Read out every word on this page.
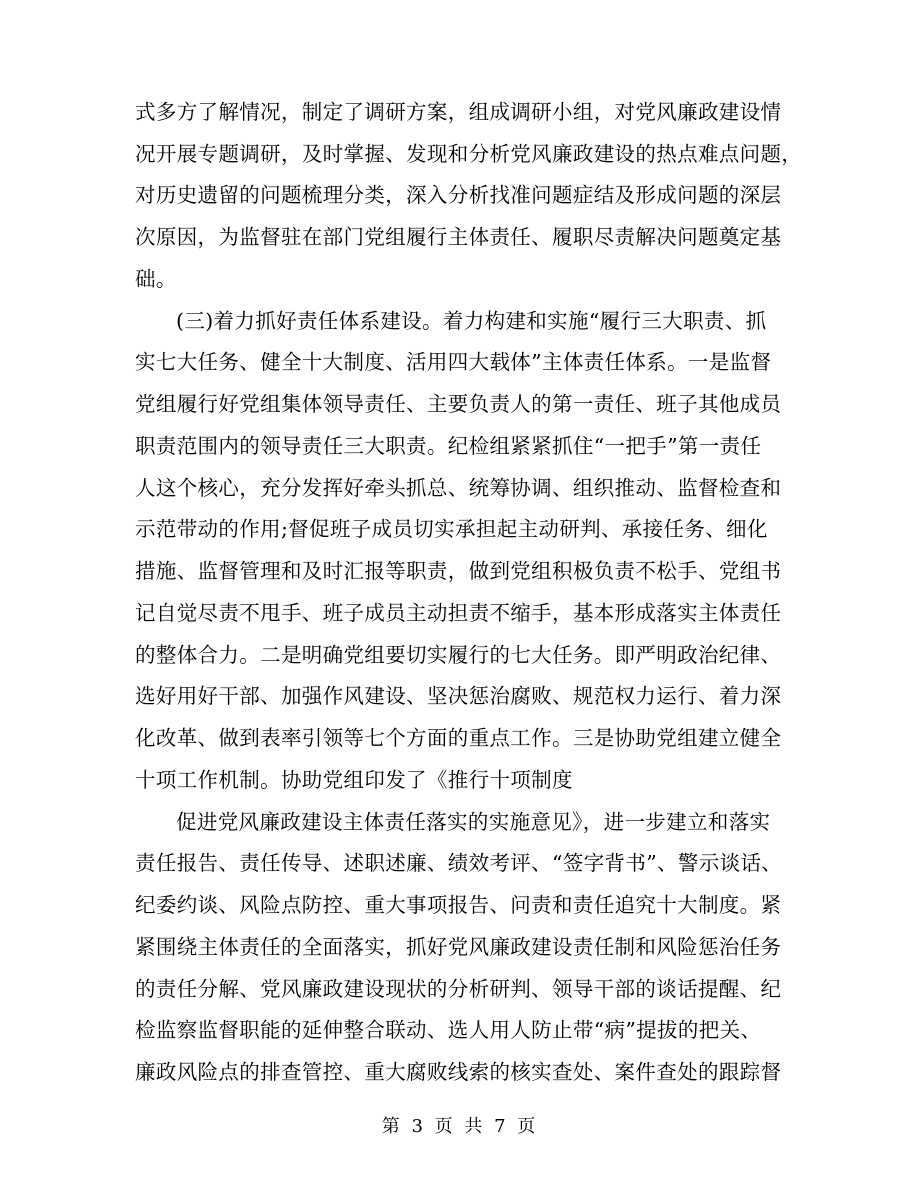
式多方了解情况，制定了调研方案，组成调研小组，对党风廉政建设情
况开展专题调研，及时掌握、发现和分析党风廉政建设的热点难点问题，
对历史遗留的问题梳理分类，深入分析找准问题症结及形成问题的深层
次原因，为监督驻在部门党组履行主体责任、履职尽责解决问题奠定基
础。
(三)着力抓好责任体系建设。着力构建和实施“履行三大职责、抓
实七大任务、健全十大制度、活用四大载体”主体责任体系。一是监督
党组履行好党组集体领导责任、主要负责人的第一责任、班子其他成员
职责范围内的领导责任三大职责。纪检组紧紧抓住“一把手”第一责任
人这个核心，充分发挥好牵头抓总、统筹协调、组织推动、监督检查和
示范带动的作用;督促班子成员切实承担起主动研判、承接任务、细化
措施、监督管理和及时汇报等职责，做到党组积极负责不松手、党组书
记自觉尽责不甩手、班子成员主动担责不缩手，基本形成落实主体责任
的整体合力。二是明确党组要切实履行的七大任务。即严明政治纪律、
选好用好干部、加强作风建设、坚决惩治腐败、规范权力运行、着力深
化改革、做到表率引领等七个方面的重点工作。三是协助党组建立健全
十项工作机制。协助党组印发了《推行十项制度
促进党风廉政建设主体责任落实的实施意见》，进一步建立和落实
责任报告、责任传导、述职述廉、绩效考评、“签字背书”、警示谈话、
纪委约谈、风险点防控、重大事项报告、问责和责任追究十大制度。紧
紧围绕主体责任的全面落实，抓好党风廉政建设责任制和风险惩治任务
的责任分解、党风廉政建设现状的分析研判、领导干部的谈话提醒、纪
检监察监督职能的延伸整合联动、选人用人防止带“病”提拔的把关、
廉政风险点的排查管控、重大腐败线索的核实查处、案件查处的跟踪督
第 3 页 共 7 页
